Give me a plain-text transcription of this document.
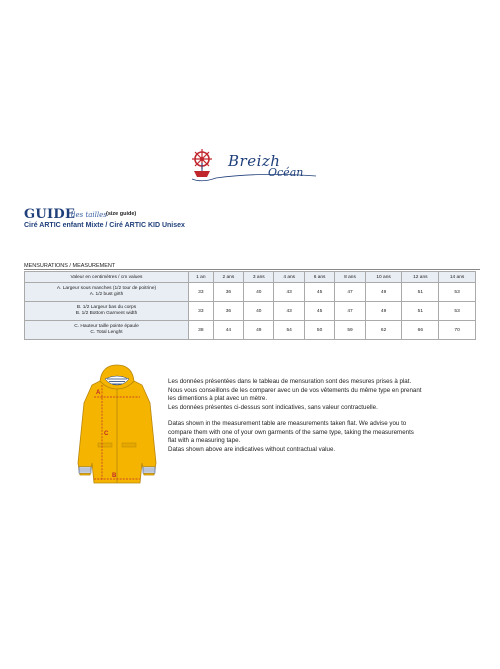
Breizh
Océan
GUIDE
des tailles (size guide)
Ciré ARTIC enfant Mixte / Ciré ARTIC KID Unisex
MENSURATIONS / MEASUREMENT
Valeur en centimètres / cm values	1 an	2 ans	3 ans	4 ans	6 ans	8 ans	10 ans	12 ans	14 ans
A. Largeur sous manches (1/2 tour de poitrine)
A. 1/2 bust girth	33	36	40	43	45	47	49	51	53
B. 1/2 Largeur bas du corps
B. 1/2 Bottom Garment width	33	36	40	43	45	47	49	51	53
C. Hauteur taille pointe épaule
C. Total Lenght	38	44	49	54	50	59	62	66	70
A
B
C
Les données présentées dans le tableau de mensuration sont des mesures prises à plat.
Nous vous conseillons de les comparer avec un de vos vêtements du même type en prenant
les dimentions à plat avec un mètre.
Les données présentes ci-dessus sont indicatives, sans valeur contractuelle.
Datas shown in the measurement table are measurements taken flat. We advise you to
compare them with one of your own garments of the same type, taking the measurements
flat with a measuring tape.
Datas shown above are indicatives without contractual value.
